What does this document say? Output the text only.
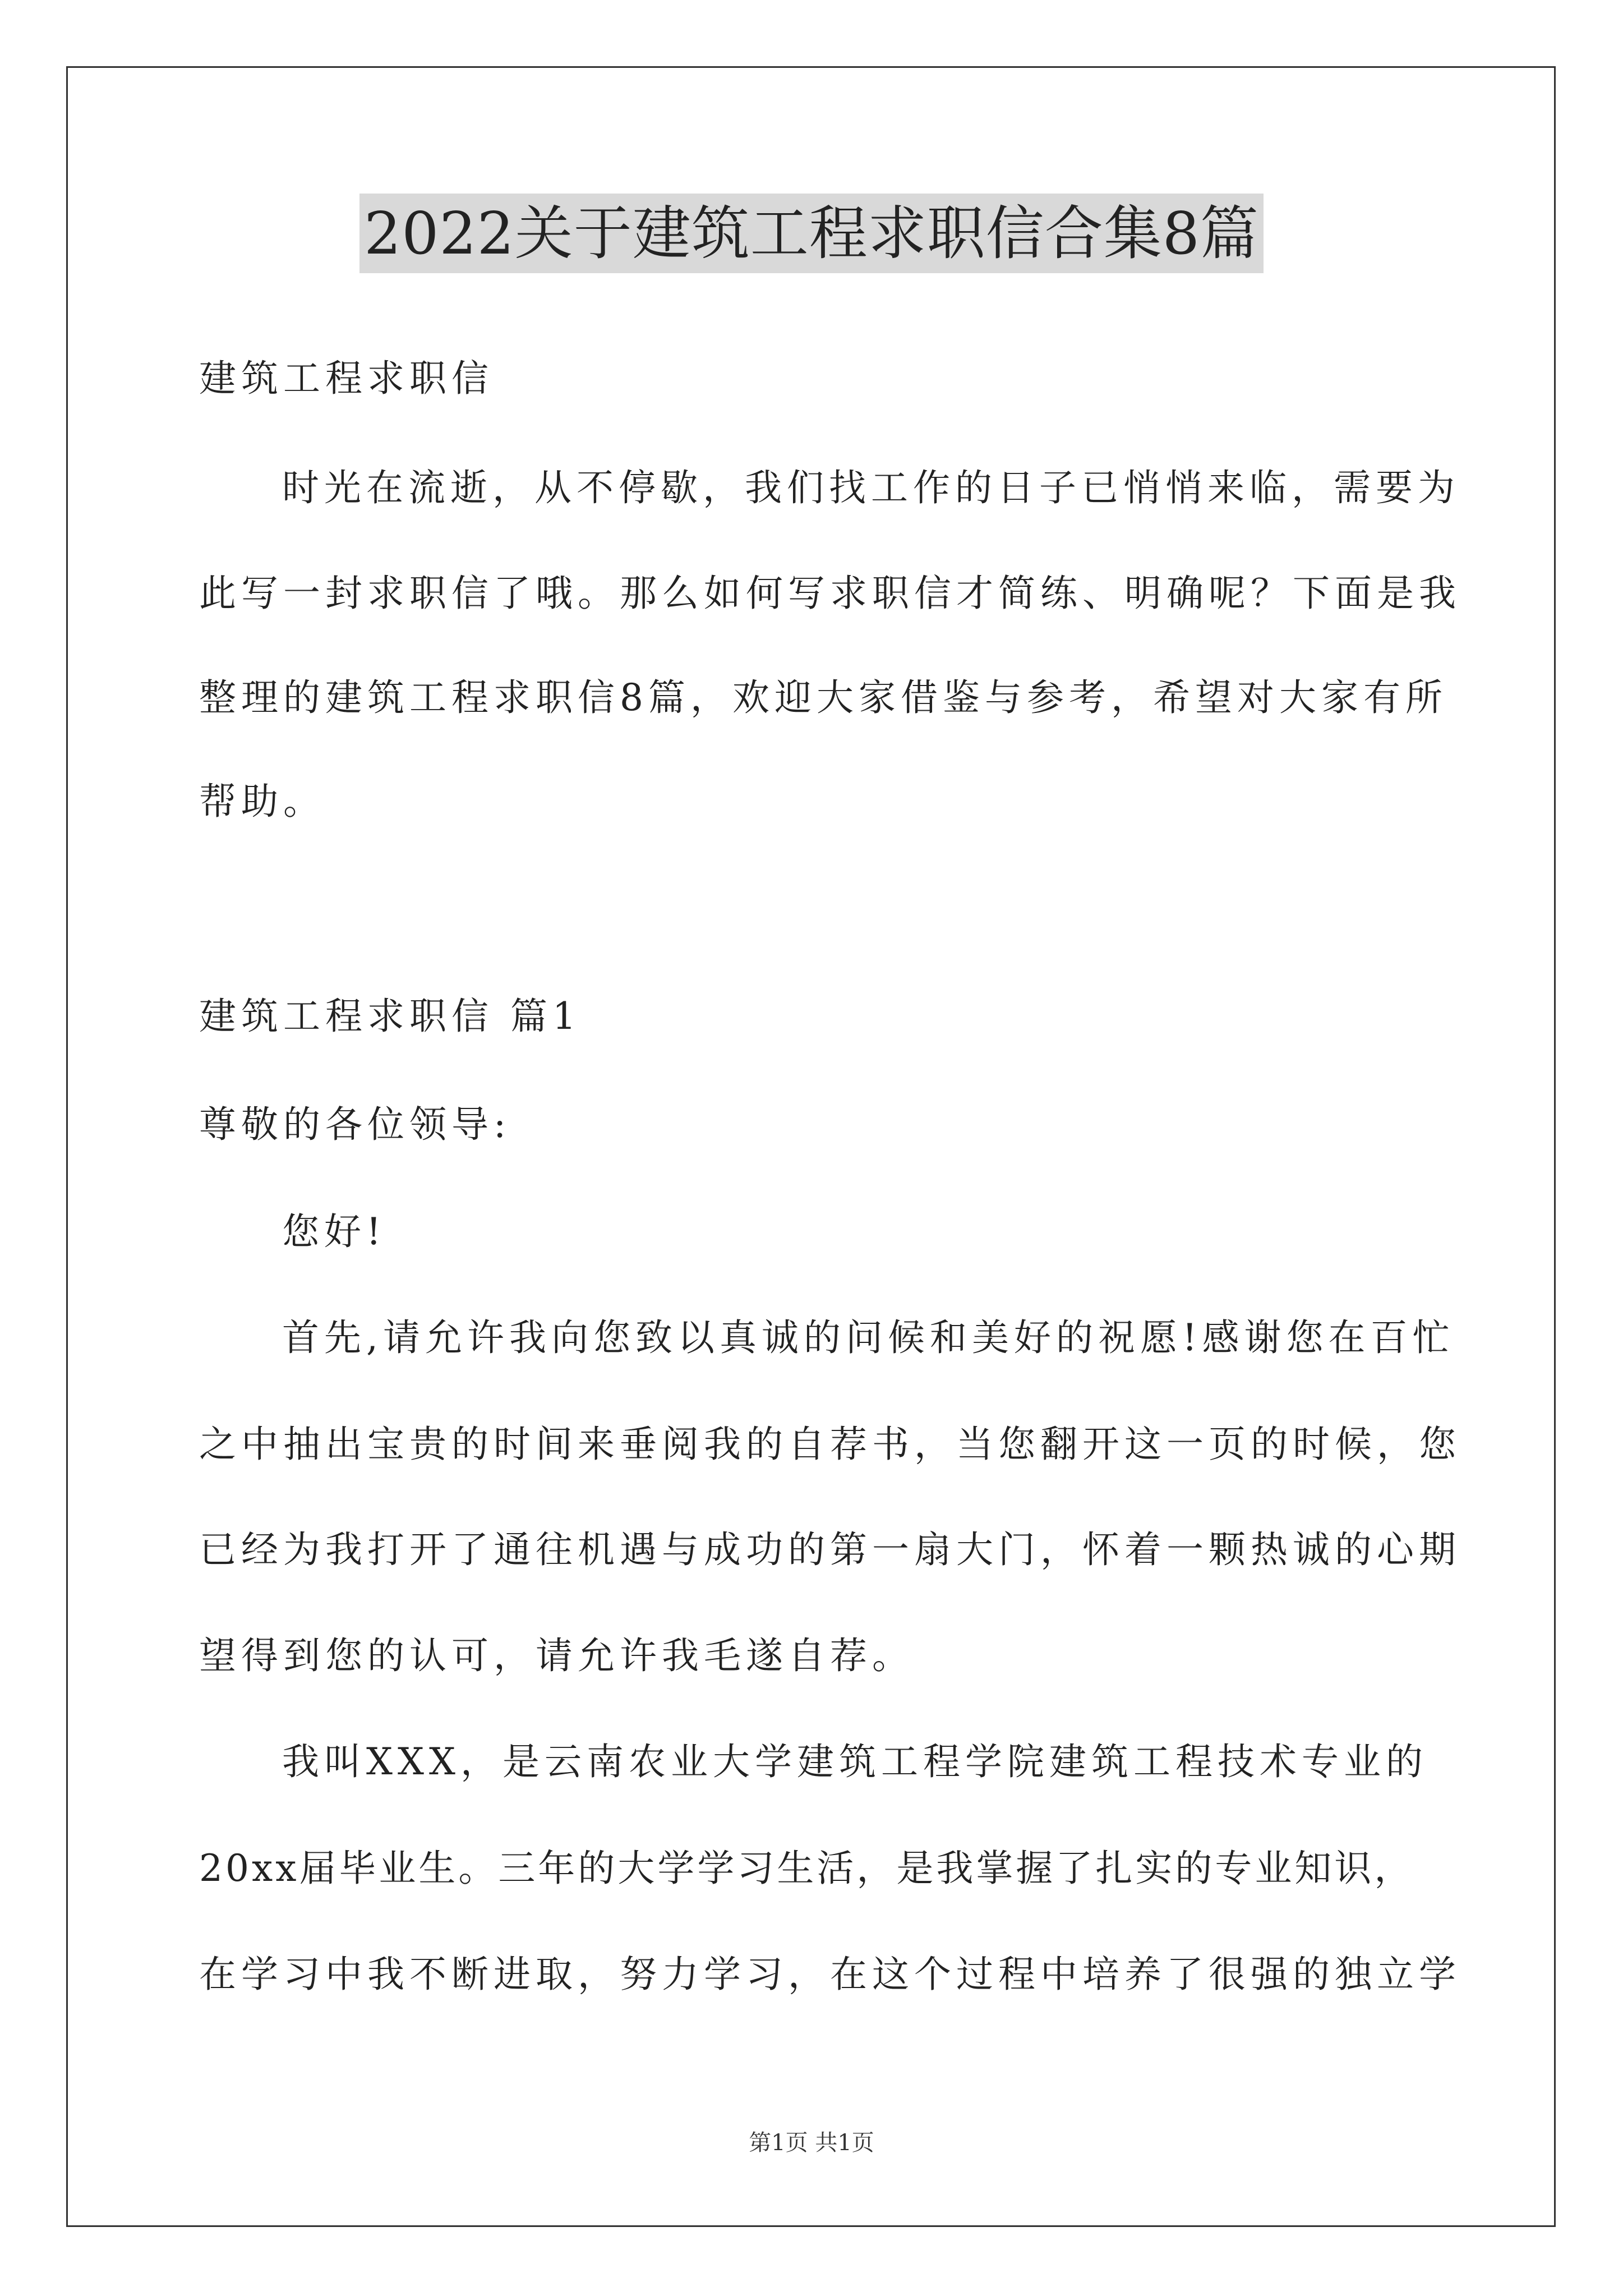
2022关于建筑工程求职信合集8篇
建筑工程求职信
时光在流逝，从不停歇，我们找工作的日子已悄悄来临，需要为
此写一封求职信了哦。那么如何写求职信才简练、明确呢？下面是我
整理的建筑工程求职信8篇，欢迎大家借鉴与参考，希望对大家有所
帮助。
建筑工程求职信 篇1
尊敬的各位领导:
您好!
首先,请允许我向您致以真诚的问候和美好的祝愿!感谢您在百忙
之中抽出宝贵的时间来垂阅我的自荐书，当您翻开这一页的时候，您
已经为我打开了通往机遇与成功的第一扇大门，怀着一颗热诚的心期
望得到您的认可，请允许我毛遂自荐。
我叫XXX，是云南农业大学建筑工程学院建筑工程技术专业的
20xx届毕业生。三年的大学学习生活，是我掌握了扎实的专业知识，
在学习中我不断进取，努力学习，在这个过程中培养了很强的独立学
第1页 共1页
